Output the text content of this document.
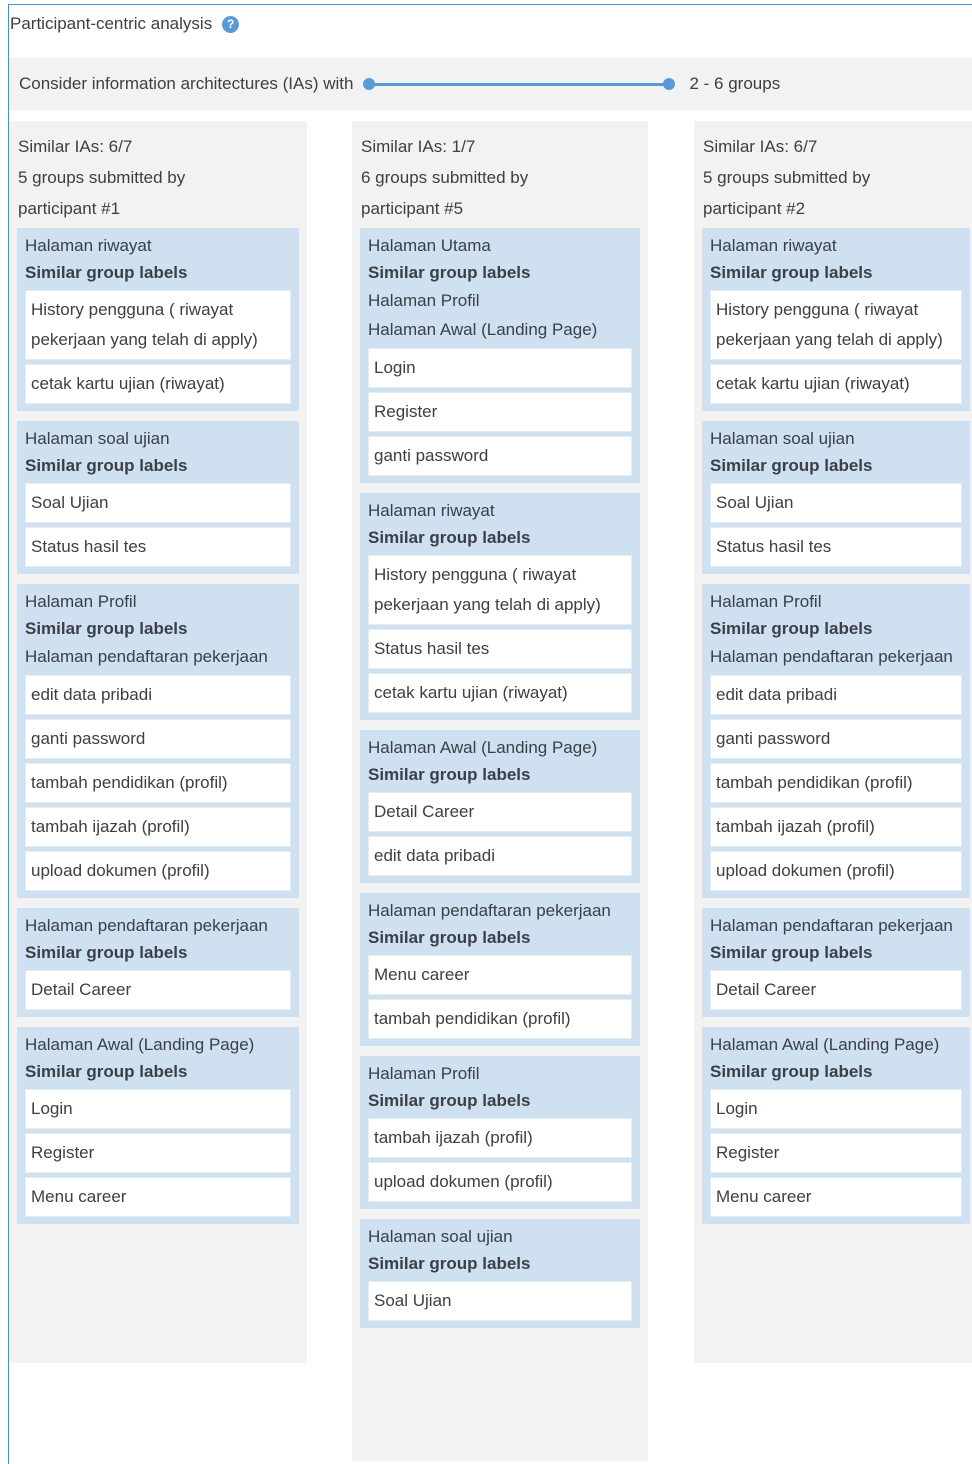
Participant-centric analysis	?
Consider information architectures (IAs) with	2 - 6 groups
Similar IAs: 6/7
5 groups submitted by
participant #1
Halaman riwayat
Similar group labels
History pengguna ( riwayat pekerjaan yang telah di apply)
cetak kartu ujian (riwayat)
Halaman soal ujian
Similar group labels
Soal Ujian
Status hasil tes
Halaman Profil
Similar group labels
Halaman pendaftaran pekerjaan
edit data pribadi
ganti password
tambah pendidikan (profil)
tambah ijazah (profil)
upload dokumen (profil)
Halaman pendaftaran pekerjaan
Similar group labels
Detail Career
Halaman Awal (Landing Page)
Similar group labels
Login
Register
Menu career
Similar IAs: 1/7
6 groups submitted by
participant #5
Halaman Utama
Similar group labels
Halaman Profil
Halaman Awal (Landing Page)
Login
Register
ganti password
Halaman riwayat
Similar group labels
History pengguna ( riwayat pekerjaan yang telah di apply)
Status hasil tes
cetak kartu ujian (riwayat)
Halaman Awal (Landing Page)
Similar group labels
Detail Career
edit data pribadi
Halaman pendaftaran pekerjaan
Similar group labels
Menu career
tambah pendidikan (profil)
Halaman Profil
Similar group labels
tambah ijazah (profil)
upload dokumen (profil)
Halaman soal ujian
Similar group labels
Soal Ujian
Similar IAs: 6/7
5 groups submitted by
participant #2
Halaman riwayat
Similar group labels
History pengguna ( riwayat pekerjaan yang telah di apply)
cetak kartu ujian (riwayat)
Halaman soal ujian
Similar group labels
Soal Ujian
Status hasil tes
Halaman Profil
Similar group labels
Halaman pendaftaran pekerjaan
edit data pribadi
ganti password
tambah pendidikan (profil)
tambah ijazah (profil)
upload dokumen (profil)
Halaman pendaftaran pekerjaan
Similar group labels
Detail Career
Halaman Awal (Landing Page)
Similar group labels
Login
Register
Menu career
